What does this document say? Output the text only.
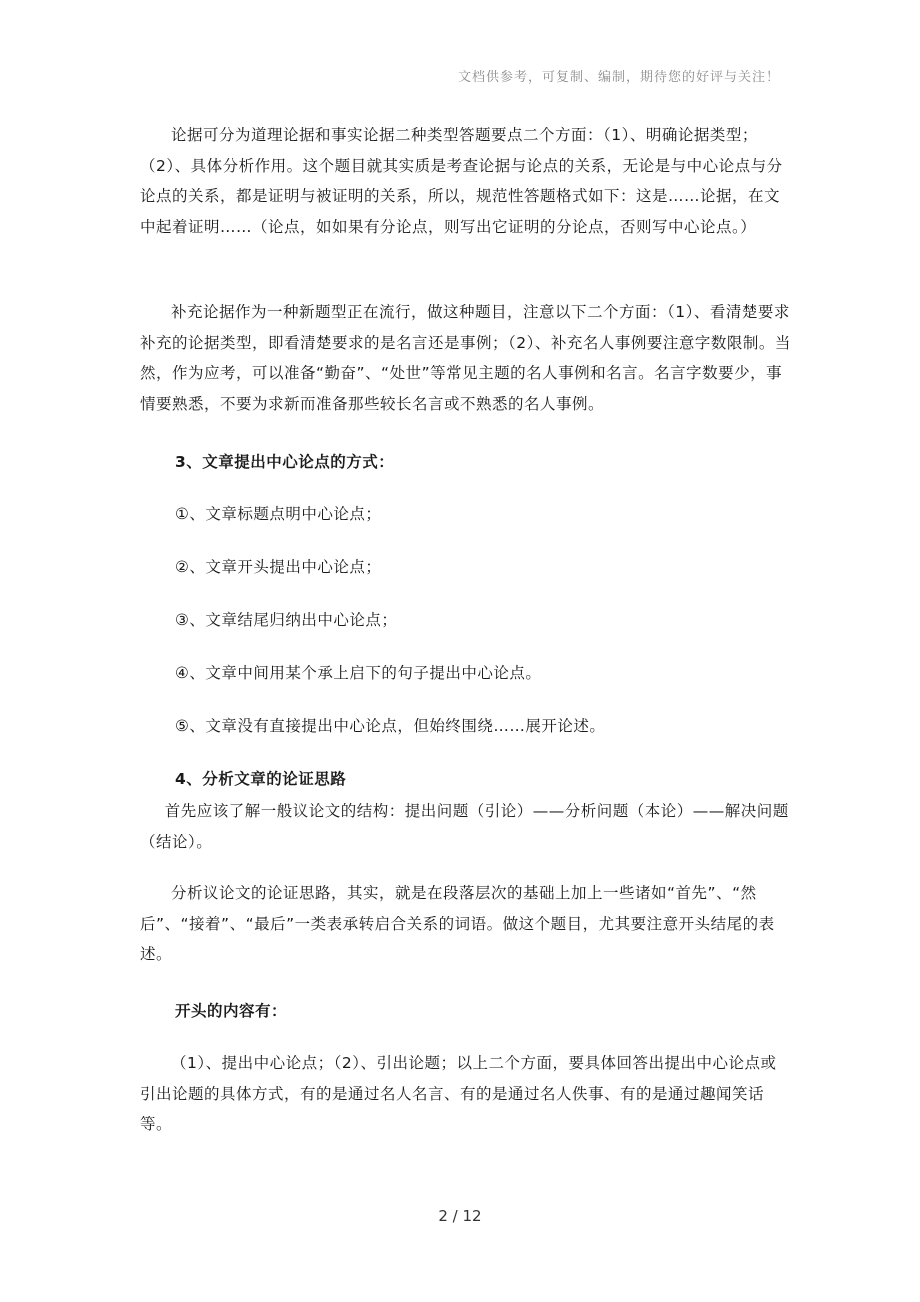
文档供参考，可复制、编制，期待您的好评与关注！

论据可分为道理论据和事实论据二种类型答题要点二个方面：（1）、明确论据类型；（2）、具体分析作用。这个题目就其实质是考查论据与论点的关系，无论是与中心论点与分论点的关系，都是证明与被证明的关系，所以，规范性答题格式如下：这是……论据，在文中起着证明……（论点，如如果有分论点，则写出它证明的分论点，否则写中心论点。）

补充论据作为一种新题型正在流行，做这种题目，注意以下二个方面：（1）、看清楚要求补充的论据类型，即看清楚要求的是名言还是事例；（2）、补充名人事例要注意字数限制。当然，作为应考，可以准备“勤奋”、“处世”等常见主题的名人事例和名言。名言字数要少，事情要熟悉，不要为求新而准备那些较长名言或不熟悉的名人事例。

3、文章提出中心论点的方式：

①、文章标题点明中心论点；

②、文章开头提出中心论点；

③、文章结尾归纳出中心论点；

④、文章中间用某个承上启下的句子提出中心论点。

⑤、文章没有直接提出中心论点，但始终围绕……展开论述。

4、分析文章的论证思路

首先应该了解一般议论文的结构：提出问题（引论）——分析问题（本论）——解决问题（结论）。

分析议论文的论证思路，其实，就是在段落层次的基础上加上一些诸如“首先”、“然后”、“接着”、“最后”一类表承转启合关系的词语。做这个题目，尤其要注意开头结尾的表述。

开头的内容有：

（1）、提出中心论点；（2）、引出论题；以上二个方面，要具体回答出提出中心论点或引出论题的具体方式，有的是通过名人名言、有的是通过名人佚事、有的是通过趣闻笑话等。

2 / 12
